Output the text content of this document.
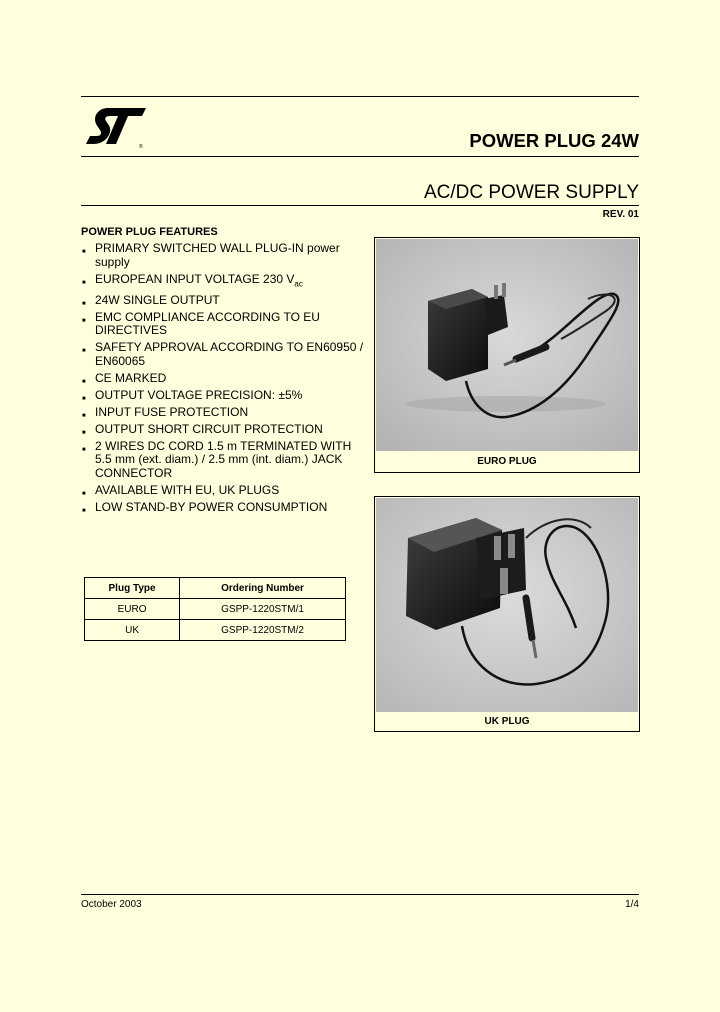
®	POWER PLUG 24W
AC/DC POWER SUPPLY
REV. 01
POWER PLUG FEATURES
■ PRIMARY SWITCHED WALL PLUG-IN power supply
■ EUROPEAN INPUT VOLTAGE 230 $V_{ac}$
■ 24W SINGLE OUTPUT
■ EMC COMPLIANCE ACCORDING TO EU DIRECTIVES
■ SAFETY APPROVAL ACCORDING TO EN60950 / EN60065
■ CE MARKED
■ OUTPUT VOLTAGE PRECISION: ±5%
■ INPUT FUSE PROTECTION
■ OUTPUT SHORT CIRCUIT PROTECTION
■ 2 WIRES DC CORD 1.5 m TERMINATED WITH 5.5 mm (ext. diam.) / 2.5 mm (int. diam.) JACK CONNECTOR
■ AVAILABLE WITH EU, UK PLUGS
■ LOW STAND-BY POWER CONSUMPTION
Plug Type	Ordering Number
EURO	GSPP-1220STM/1
UK	GSPP-1220STM/2
EURO PLUG
UK PLUG
October 2003	1/4
